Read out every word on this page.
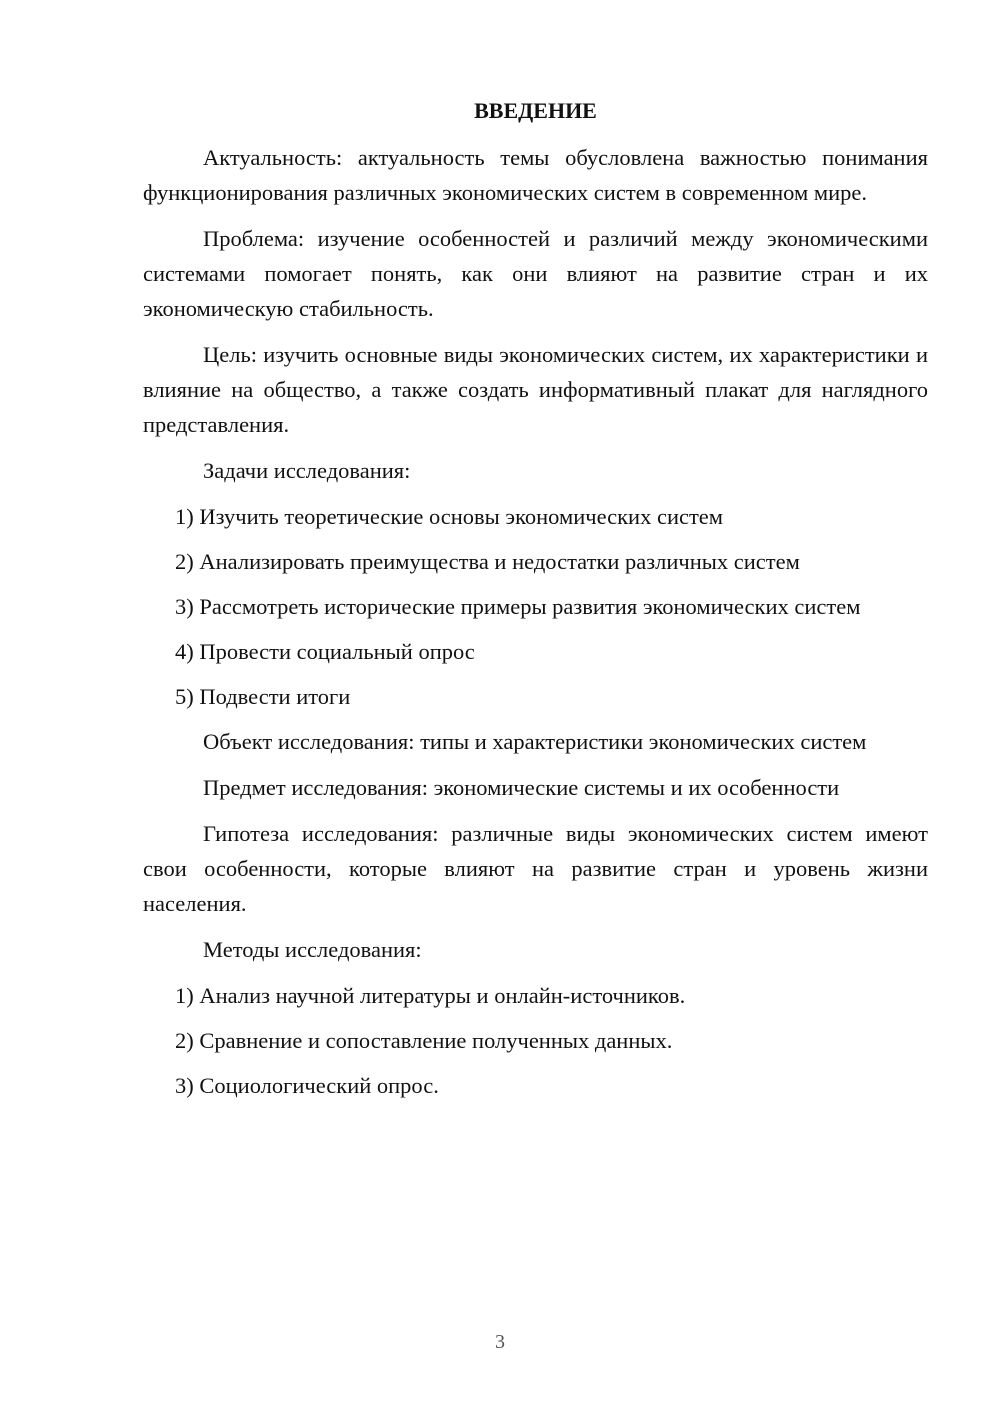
ВВЕДЕНИЕ

Актуальность: актуальность темы обусловлена важностью понимания функционирования различных экономических систем в современном мире.

Проблема: изучение особенностей и различий между экономическими системами помогает понять, как они влияют на развитие стран и их экономическую стабильность.

Цель: изучить основные виды экономических систем, их характеристики и влияние на общество, а также создать информативный плакат для наглядного представления.

Задачи исследования:

1) Изучить теоретические основы экономических систем
2) Анализировать преимущества и недостатки различных систем
3) Рассмотреть исторические примеры развития экономических систем
4) Провести социальный опрос
5) Подвести итоги

Объект исследования: типы и характеристики экономических систем

Предмет исследования: экономические системы и их особенности

Гипотеза исследования: различные виды экономических систем имеют свои особенности, которые влияют на развитие стран и уровень жизни населения.

Методы исследования:

1) Анализ научной литературы и онлайн-источников.
2) Сравнение и сопоставление полученных данных.
3) Социологический опрос.
3
